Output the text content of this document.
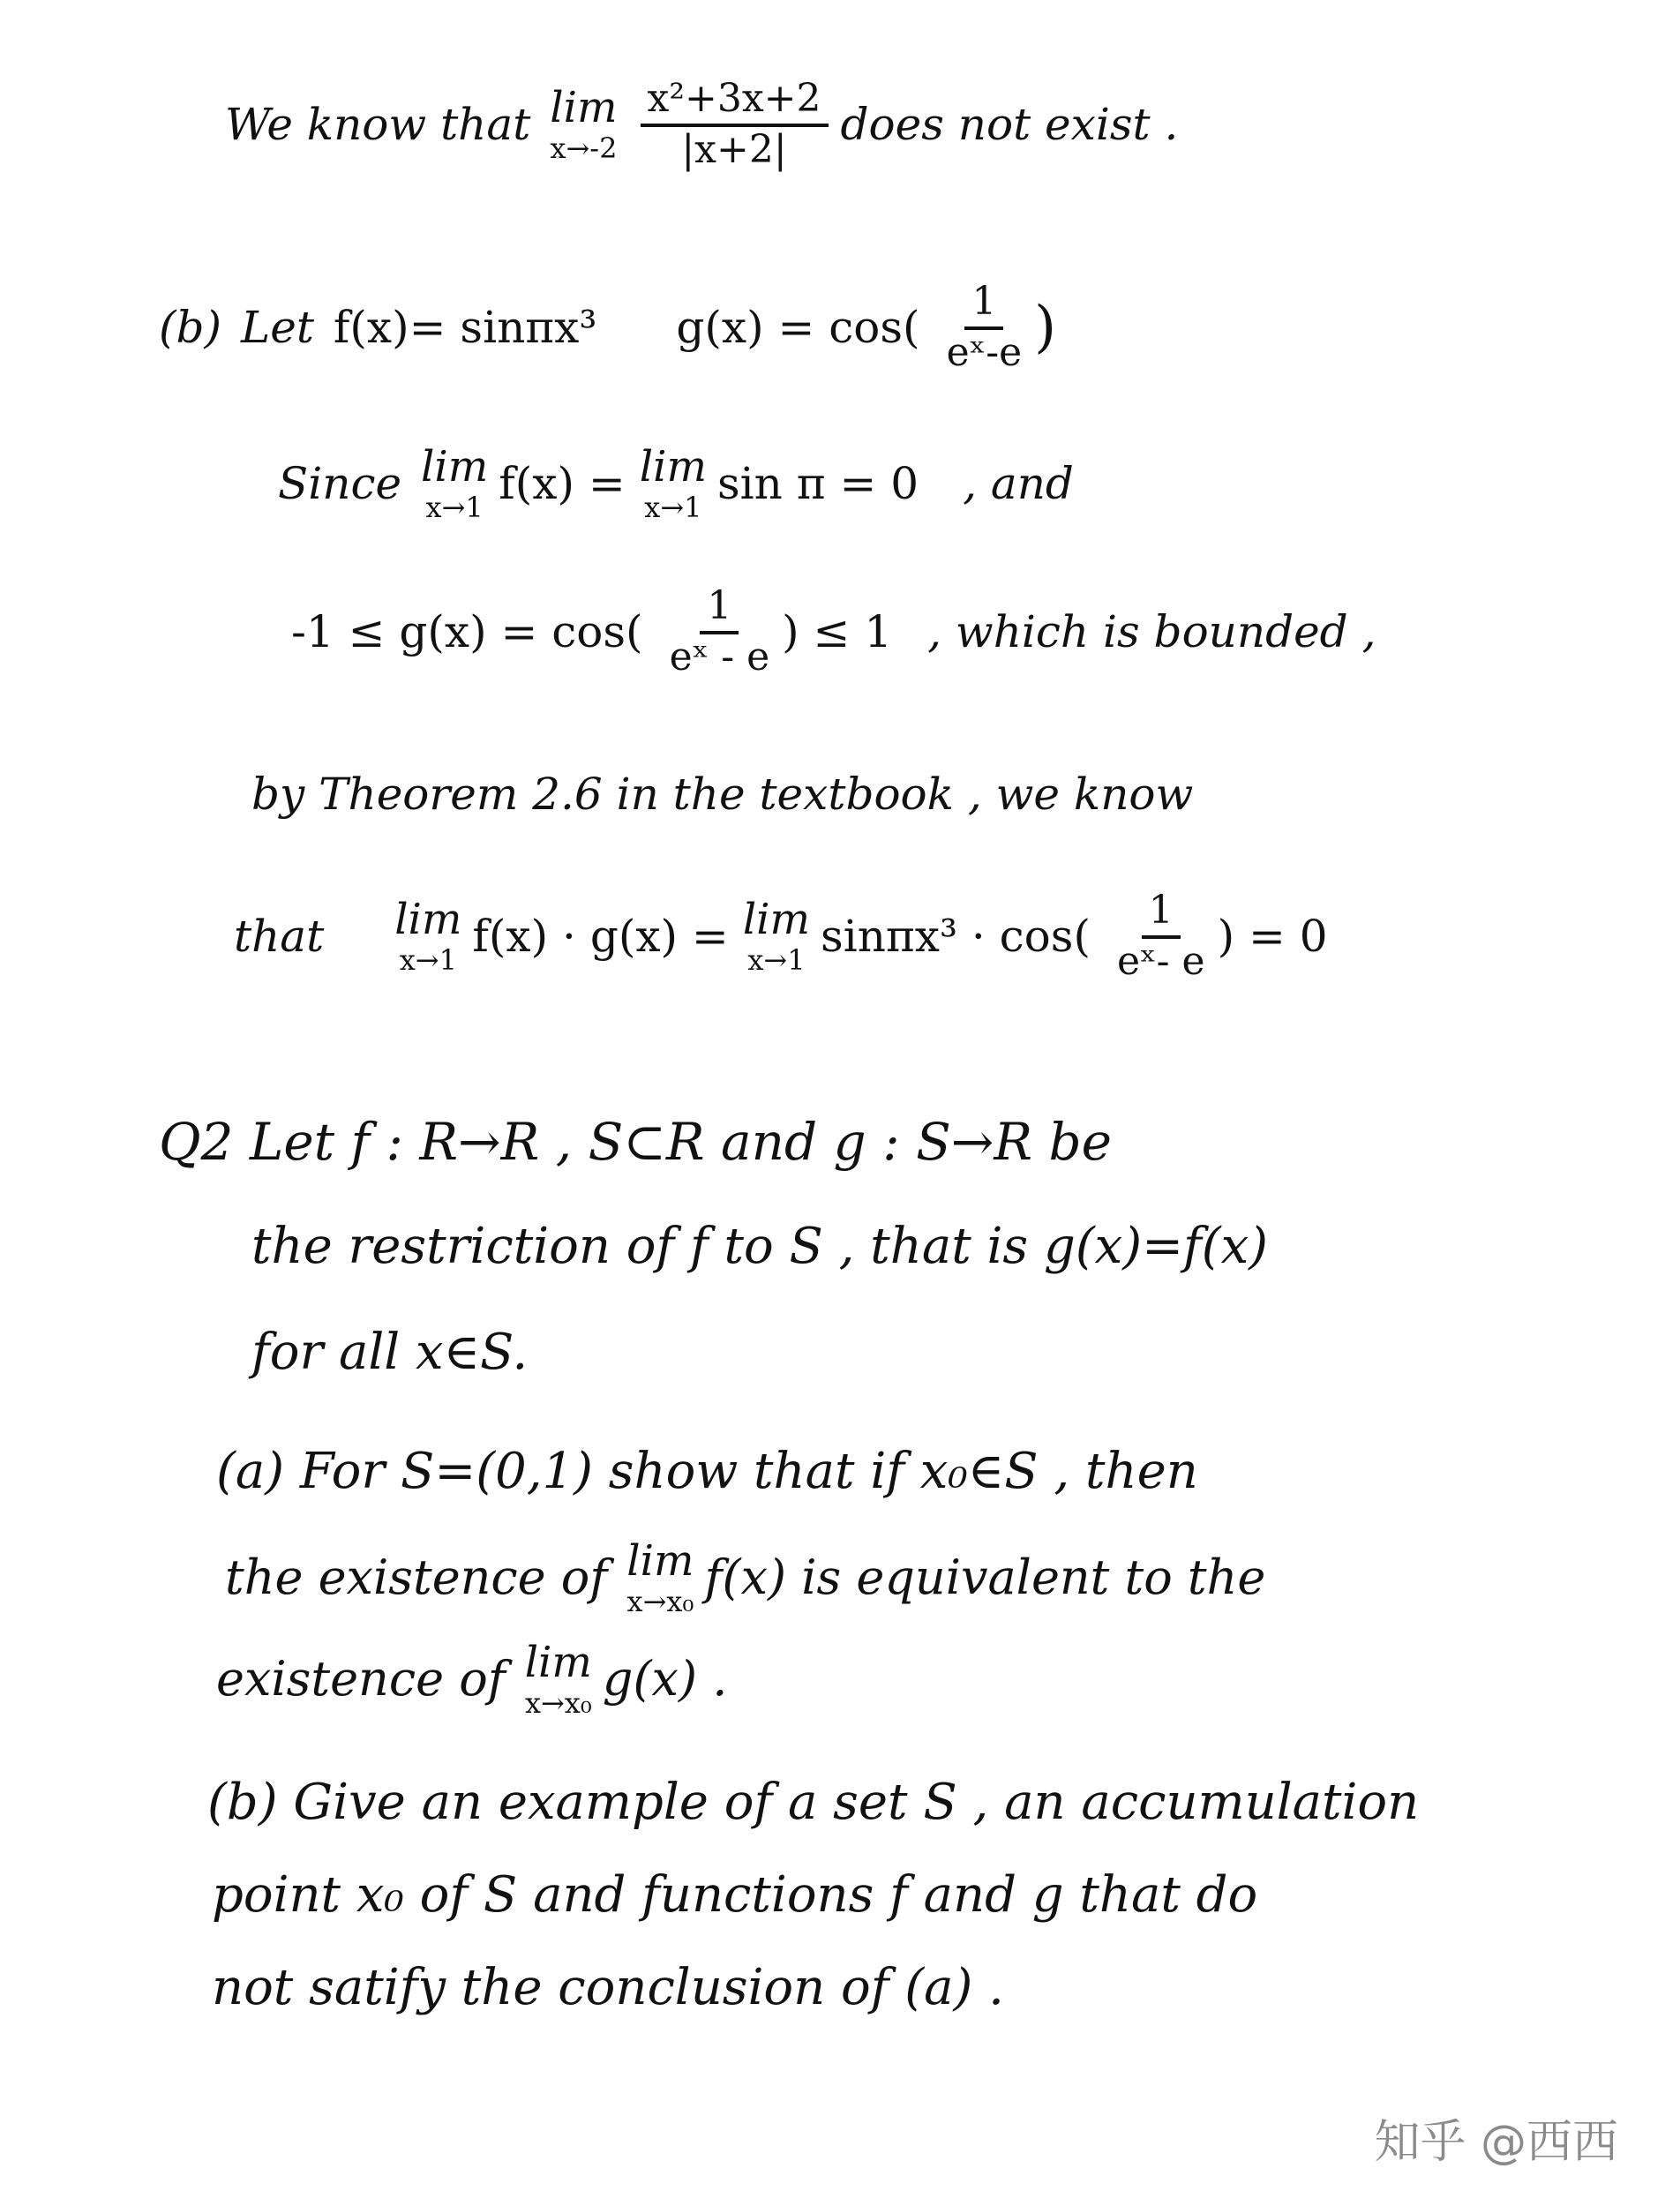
We know that lim
$x\to-2 \frac{\text{x²+3x+2}}{|x+2|}$ does not exist .
(b) Let f(x)= sinπx³ $g(x) = \cos( \frac{1}{\text{eˣ-e}}$ )
Since lim
x→1 f(x) = lim
x→1 sin π = 0 , and
$-1 \le g(x) = \cos( \frac{1}{\text{eˣ - e}}$ ) ≤ 1 , which is bounded ,
by Theorem 2.6 in the textbook , we know
that lim
x→1 f(x) · g(x) = lim
x→1 $\sin\pi x^3 \cdot \cos( \frac{1}{\text{eˣ- e}}$ ) = 0
Q2 Let f : R→R , S⊂R and g : S→R be
the restriction of f to S , that is g(x)=f(x)
for all x∈S.
(a) For S=(0,1) show that if x₀∈S , then
the existence of lim
x→x₀ f(x) is equivalent to the
existence of lim
x→x₀ g(x) .
(b) Give an example of a set S , an accumulation
point x₀ of S and functions f and g that do
not satify the conclusion of (a) .
知乎 @西西
